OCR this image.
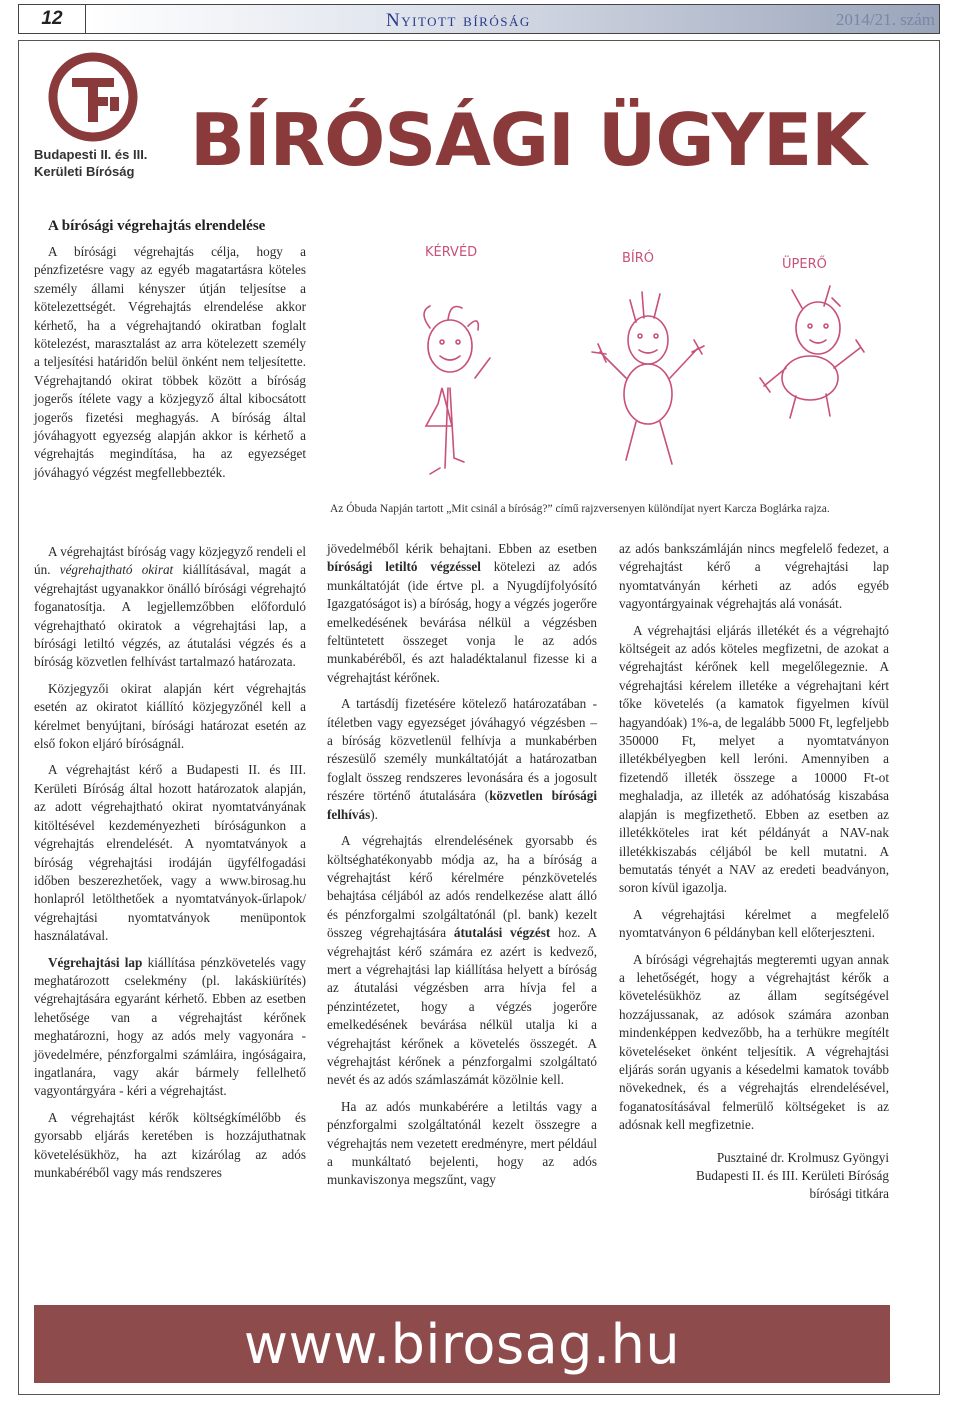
12	Nyitott bíróság	2014/21. szám
Budapesti II. és III.
Kerületi Bíróság BÍRÓSÁGI ÜGYEK
A bírósági végrehajtás elrendelése

A bírósági végrehajtás célja, hogy a pénzfizetésre vagy az egyéb magatartásra köteles személy állami kényszer útján teljesítse a kötelezettségét. Végrehajtás elrendelése akkor kérhető, ha a végrehajtandó okiratban foglalt kötelezést, marasztalást az arra kötelezett személy a teljesítési határidőn belül önként nem teljesítette. Végrehajtandó okirat többek között a bíróság jogerős ítélete vagy a közjegyző által kibocsátott jogerős fizetési meghagyás. A bíróság által jóváhagyott egyezség alapján akkor is kérhető a végrehajtás megindítása, ha az egyezséget jóváhagyó végzést megfellebbezték.

KÉRVÉD	BÍRÓ	ÜPERŐ
Az Óbuda Napján tartott „Mit csinál a bíróság?” című rajzversenyen különdíjat nyert Karcza Boglárka rajza.

A végrehajtást bíróság vagy közjegyző rendeli el ún. végrehajtható okirat kiállításával, magát a végrehajtást ugyanakkor önálló bírósági végrehajtó foganatosítja. A legjellemzőbben előforduló végrehajtható okiratok a végrehajtási lap, a bírósági letiltó végzés, az átutalási végzés és a bíróság közvetlen felhívást tartalmazó határozata.

Közjegyzői okirat alapján kért végrehajtás esetén az okiratot kiállító közjegyzőnél kell a kérelmet benyújtani, bírósági határozat esetén az első fokon eljáró bíróságnál.

A végrehajtást kérő a Budapesti II. és III. Kerületi Bíróság által hozott határozatok alapján, az adott végrehajtható okirat nyomtatványának kitöltésével kezdeményezheti bíróságunkon a végrehajtás elrendelését. A nyomtatványok a bíróság végrehajtási irodáján ügyfélfogadási időben beszerezhetőek, vagy a www.birosag.hu honlapról letölthetőek a nyomtatványok-űrlapok/ végrehajtási nyomtatványok menüpontok használatával.

Végrehajtási lap kiállítása pénzkövetelés vagy meghatározott cselekmény (pl. lakáskiürítés) végrehajtására egyaránt kérhető. Ebben az esetben lehetősége van a végrehajtást kérőnek meghatározni, hogy az adós mely vagyonára - jövedelmére, pénzforgalmi számláira, ingóságaira, ingatlanára, vagy akár bármely fellelhető vagyontárgyára - kéri a végrehajtást.

A végrehajtást kérők költségkímélőbb és gyorsabb eljárás keretében is hozzájuthatnak követelésükhöz, ha azt kizárólag az adós munkabéréből vagy más rendszeres

jövedelméből kérik behajtani. Ebben az esetben bírósági letiltó végzéssel kötelezi az adós munkáltatóját (ide értve pl. a Nyugdíjfolyósító Igazgatóságot is) a bíróság, hogy a végzés jogerőre emelkedésének bevárása nélkül a végzésben feltüntetett összeget vonja le az adós munkabéréből, és azt haladéktalanul fizesse ki a végrehajtást kérőnek.

A tartásdíj fizetésére kötelező határozatában - ítéletben vagy egyezséget jóváhagyó végzésben – a bíróság közvetlenül felhívja a munkabérben részesülő személy munkáltatóját a határozatban foglalt összeg rendszeres levonására és a jogosult részére történő átutalására (közvetlen bírósági felhívás).

A végrehajtás elrendelésének gyorsabb és költséghatékonyabb módja az, ha a bíróság a végrehajtást kérő kérelmére pénzkövetelés behajtása céljából az adós rendelkezése alatt álló és pénzforgalmi szolgáltatónál (pl. bank) kezelt összeg végrehajtására átutalási végzést hoz. A végrehajtást kérő számára ez azért is kedvező, mert a végrehajtási lap kiállítása helyett a bíróság az átutalási végzésben arra hívja fel a pénzintézetet, hogy a végzés jogerőre emelkedésének bevárása nélkül utalja ki a végrehajtást kérőnek a követelés összegét. A végrehajtást kérőnek a pénzforgalmi szolgáltató nevét és az adós számlaszámát közölnie kell.

Ha az adós munkabérére a letiltás vagy a pénzforgalmi szolgáltatónál kezelt összegre a végrehajtás nem vezetett eredményre, mert például a munkáltató bejelenti, hogy az adós munkaviszonya megszűnt, vagy

az adós bankszámláján nincs megfelelő fedezet, a végrehajtást kérő a végrehajtási lap nyomtatványán kérheti az adós egyéb vagyontárgyainak végrehajtás alá vonását.

A végrehajtási eljárás illetékét és a végrehajtó költségeit az adós köteles megfizetni, de azokat a végrehajtást kérőnek kell megelőlegeznie. A végrehajtási kérelem illetéke a végrehajtani kért tőke követelés (a kamatok figyelmen kívül hagyandóak) 1%-a, de legalább 5000 Ft, legfeljebb 350000 Ft, melyet a nyomtatványon illetékbélyegben kell leróni. Amennyiben a fizetendő illeték összege a 10000 Ft-ot meghaladja, az illeték az adóhatóság kiszabása alapján is megfizethető. Ebben az esetben az illetékköteles irat két példányát a NAV-nak illetékkiszabás céljából be kell mutatni. A bemutatás tényét a NAV az eredeti beadványon, soron kívül igazolja.

A végrehajtási kérelmet a megfelelő nyomtatványon 6 példányban kell előterjeszteni.

A bírósági végrehajtás megteremti ugyan annak a lehetőségét, hogy a végrehajtást kérők a követelésükhöz az állam segítségével hozzájussanak, az adósok számára azonban mindenképpen kedvezőbb, ha a terhükre megítélt követeléseket önként teljesítik. A végrehajtási eljárás során ugyanis a késedelmi kamatok tovább növekednek, és a végrehajtás elrendelésével, foganatosításával felmerülő költségeket is az adósnak kell megfizetnie.

Pusztainé dr. Krolmusz Gyöngyi
Budapesti II. és III. Kerületi Bíróság
bírósági titkára

www.birosag.hu
